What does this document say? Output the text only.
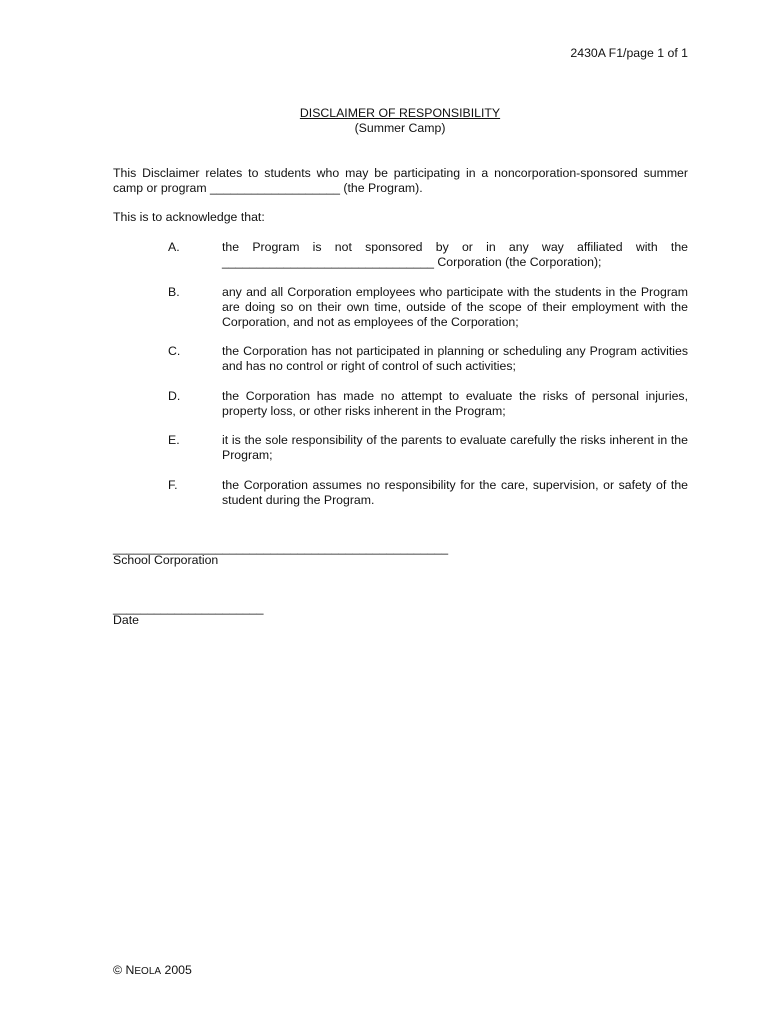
2430A F1/page 1 of 1
DISCLAIMER OF RESPONSIBILITY
(Summer Camp)
This Disclaimer relates to students who may be participating in a noncorporation-sponsored summer camp or program ___________________ (the Program).
This is to acknowledge that:
A.	the Program is not sponsored by or in any way affiliated with the _______________________________ Corporation (the Corporation);
B.	any and all Corporation employees who participate with the students in the Program are doing so on their own time, outside of the scope of their employment with the Corporation, and not as employees of the Corporation;
C.	the Corporation has not participated in planning or scheduling any Program activities and has no control or right of control of such activities;
D.	the Corporation has made no attempt to evaluate the risks of personal injuries, property loss, or other risks inherent in the Program;
E.	it is the sole responsibility of the parents to evaluate carefully the risks inherent in the Program;
F.	the Corporation assumes no responsibility for the care, supervision, or safety of the student during the Program.
_________________________________________________
School Corporation
______________________
Date
© NEOLA 2005
